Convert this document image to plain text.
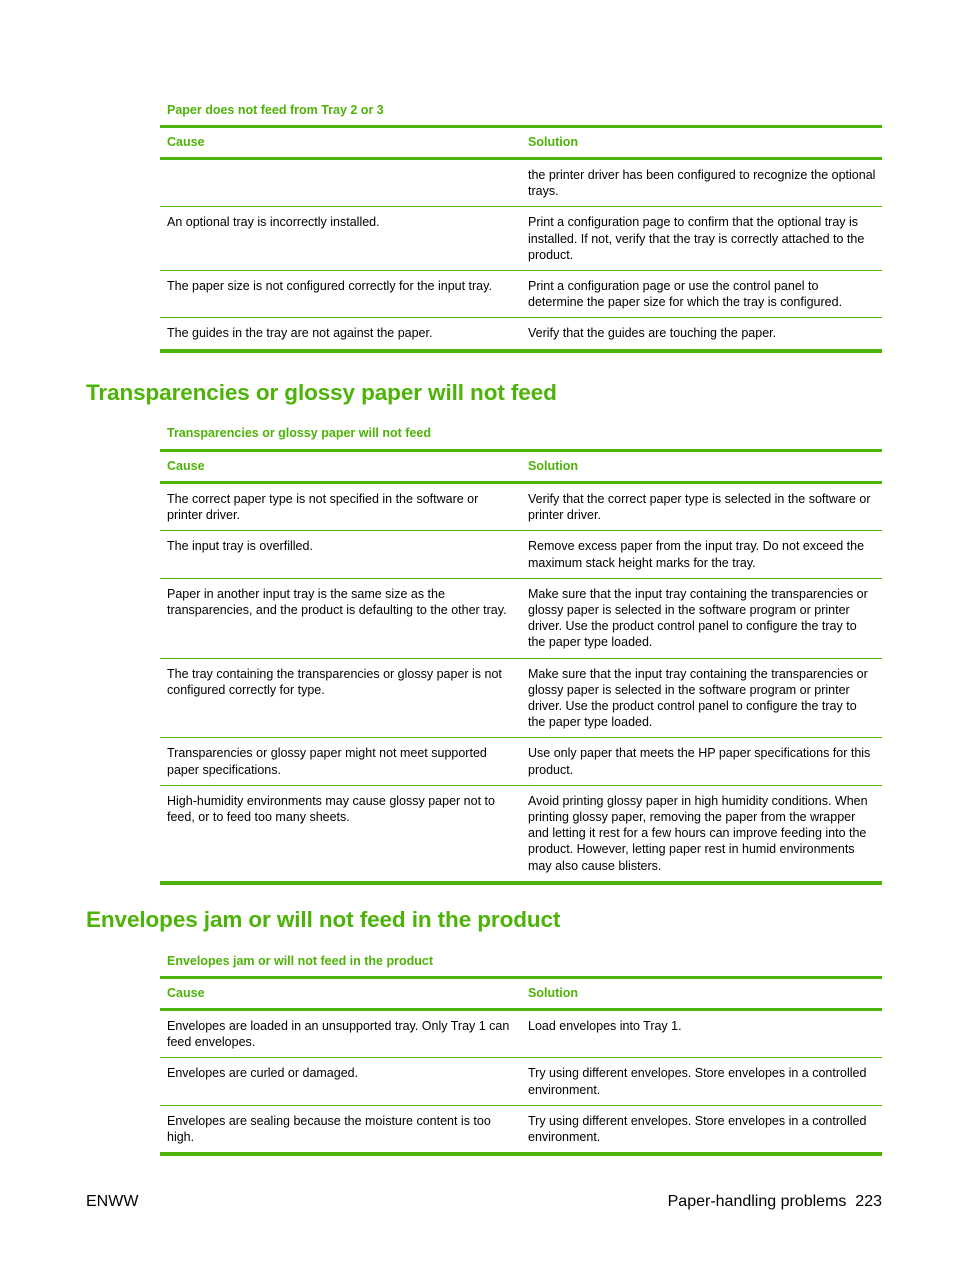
Paper does not feed from Tray 2 or 3
Cause	Solution
	the printer driver has been configured to recognize the optional trays.
An optional tray is incorrectly installed.	Print a configuration page to confirm that the optional tray is installed. If not, verify that the tray is correctly attached to the product.
The paper size is not configured correctly for the input tray.	Print a configuration page or use the control panel to determine the paper size for which the tray is configured.
The guides in the tray are not against the paper.	Verify that the guides are touching the paper.
Transparencies or glossy paper will not feed
Transparencies or glossy paper will not feed
Cause	Solution
The correct paper type is not specified in the software or printer driver.	Verify that the correct paper type is selected in the software or printer driver.
The input tray is overfilled.	Remove excess paper from the input tray. Do not exceed the maximum stack height marks for the tray.
Paper in another input tray is the same size as the transparencies, and the product is defaulting to the other tray.	Make sure that the input tray containing the transparencies or glossy paper is selected in the software program or printer driver. Use the product control panel to configure the tray to the paper type loaded.
The tray containing the transparencies or glossy paper is not configured correctly for type.	Make sure that the input tray containing the transparencies or glossy paper is selected in the software program or printer driver. Use the product control panel to configure the tray to the paper type loaded.
Transparencies or glossy paper might not meet supported paper specifications.	Use only paper that meets the HP paper specifications for this product.
High-humidity environments may cause glossy paper not to feed, or to feed too many sheets.	Avoid printing glossy paper in high humidity conditions. When printing glossy paper, removing the paper from the wrapper and letting it rest for a few hours can improve feeding into the product. However, letting paper rest in humid environments may also cause blisters.
Envelopes jam or will not feed in the product
Envelopes jam or will not feed in the product
Cause	Solution
Envelopes are loaded in an unsupported tray. Only Tray 1 can feed envelopes.	Load envelopes into Tray 1.
Envelopes are curled or damaged.	Try using different envelopes. Store envelopes in a controlled environment.
Envelopes are sealing because the moisture content is too high.	Try using different envelopes. Store envelopes in a controlled environment.
ENWW	Paper-handling problems 223
